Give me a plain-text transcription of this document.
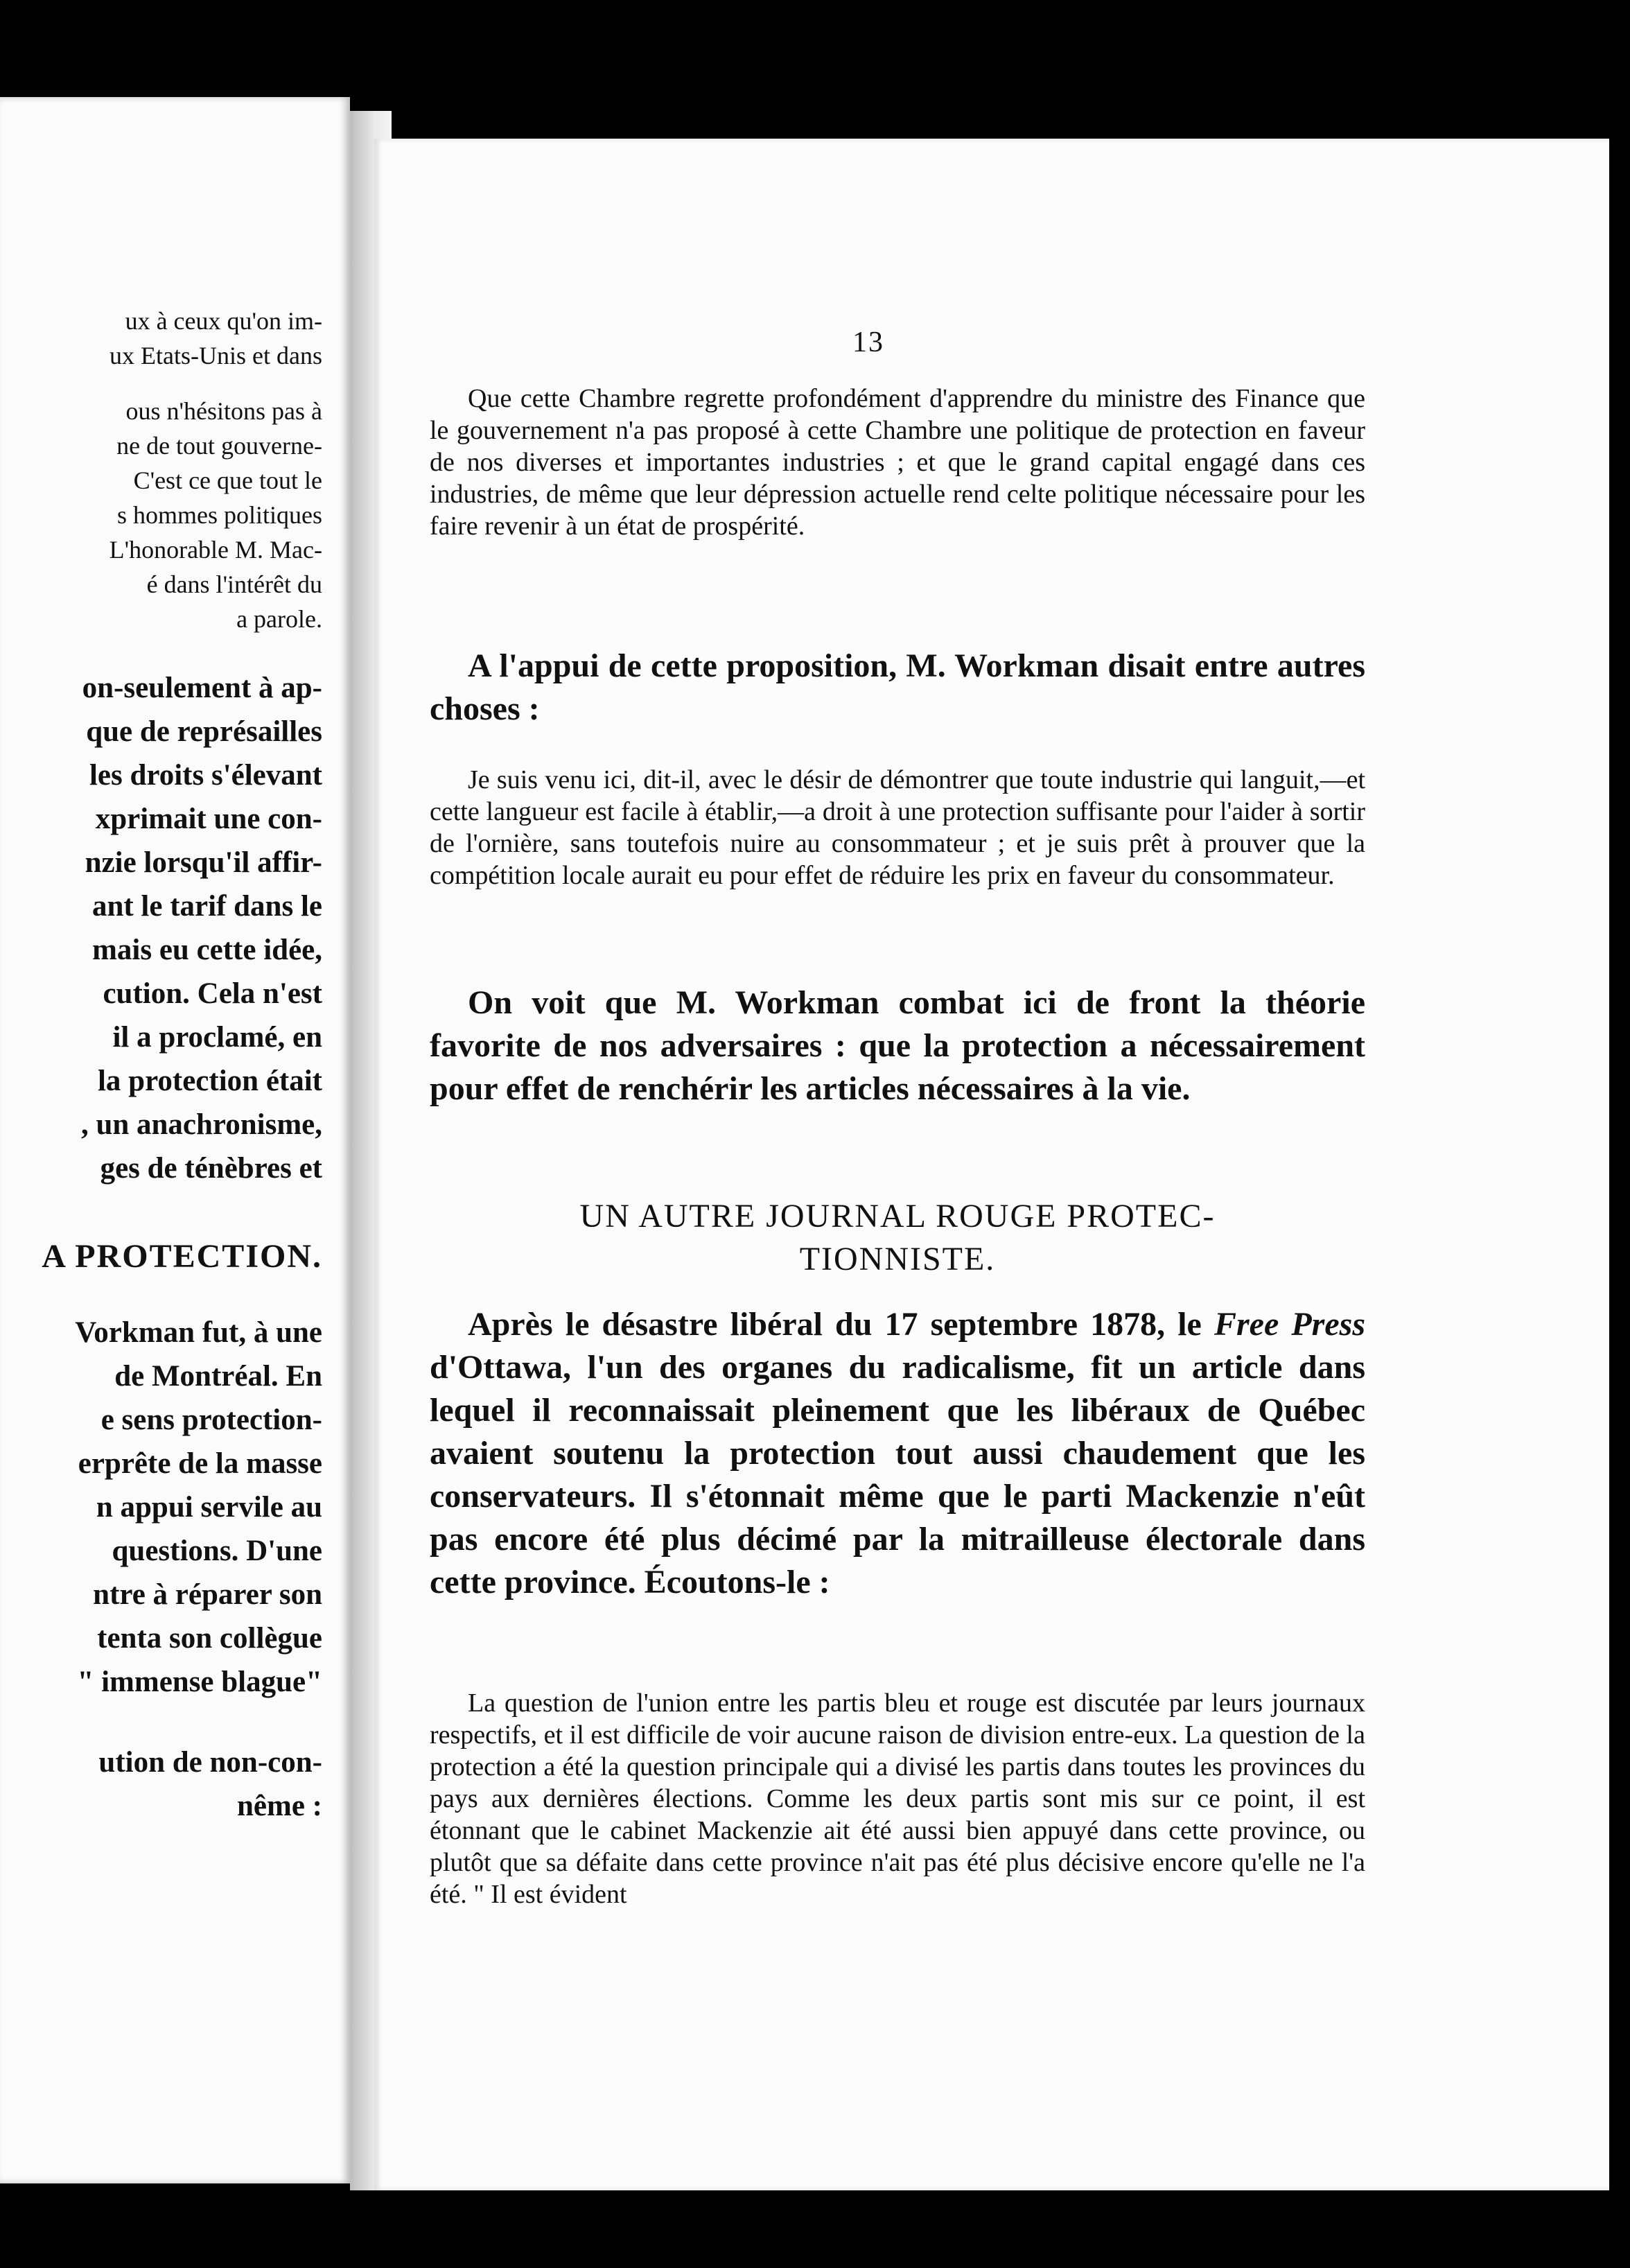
ux à ceux qu'on im-
ux Etats-Unis et dans
ous n'hésitons pas à
ne de tout gouverne-
C'est ce que tout le
s hommes politiques
L'honorable M. Mac-
é dans l'intérêt du
a parole.
on-seulement à ap-
que de représailles
les droits s'élevant
xprimait une con-
nzie lorsqu'il affir-
ant le tarif dans le
mais eu cette idée,
cution. Cela n'est
il a proclamé, en
la protection était
, un anachronisme,
ges de ténèbres et
A PROTECTION.
Vorkman fut, à une
de Montréal. En
e sens protection-
erprête de la masse
n appui servile au
questions. D'une
ntre à réparer son
tenta son collègue
" immense blague"
ution de non-con-
nême :
13

Que cette Chambre regrette profondément d'apprendre du ministre des Finance que le gouvernement n'a pas proposé à cette Chambre une politique de protection en faveur de nos diverses et importantes industries ; et que le grand capital engagé dans ces industries, de même que leur dépression actuelle rend celte politique nécessaire pour les faire revenir à un état de prospérité.

A l'appui de cette proposition, M. Workman disait entre autres choses :

Je suis venu ici, dit-il, avec le désir de démontrer que toute industrie qui languit,—et cette langueur est facile à établir,—a droit à une protection suffisante pour l'aider à sortir de l'ornière, sans toutefois nuire au consommateur ; et je suis prêt à prouver que la compétition locale aurait eu pour effet de réduire les prix en faveur du consommateur.

On voit que M. Workman combat ici de front la théorie favorite de nos adversaires : que la protection a nécessairement pour effet de renchérir les articles nécessaires à la vie.

UN AUTRE JOURNAL ROUGE PROTEC-
TIONNISTE.

Après le désastre libéral du 17 septembre 1878, le Free Press d'Ottawa, l'un des organes du radicalisme, fit un article dans lequel il reconnaissait pleinement que les libéraux de Québec avaient soutenu la protection tout aussi chaudement que les conservateurs. Il s'étonnait même que le parti Mackenzie n'eût pas encore été plus décimé par la mitrailleuse électorale dans cette province. Écoutons-le :

La question de l'union entre les partis bleu et rouge est discutée par leurs journaux respectifs, et il est difficile de voir aucune raison de division entre-eux. La question de la protection a été la question principale qui a divisé les partis dans toutes les provinces du pays aux dernières élections. Comme les deux partis sont mis sur ce point, il est étonnant que le cabinet Mackenzie ait été aussi bien appuyé dans cette province, ou plutôt que sa défaite dans cette province n'ait pas été plus décisive encore qu'elle ne l'a été. " Il est évident
